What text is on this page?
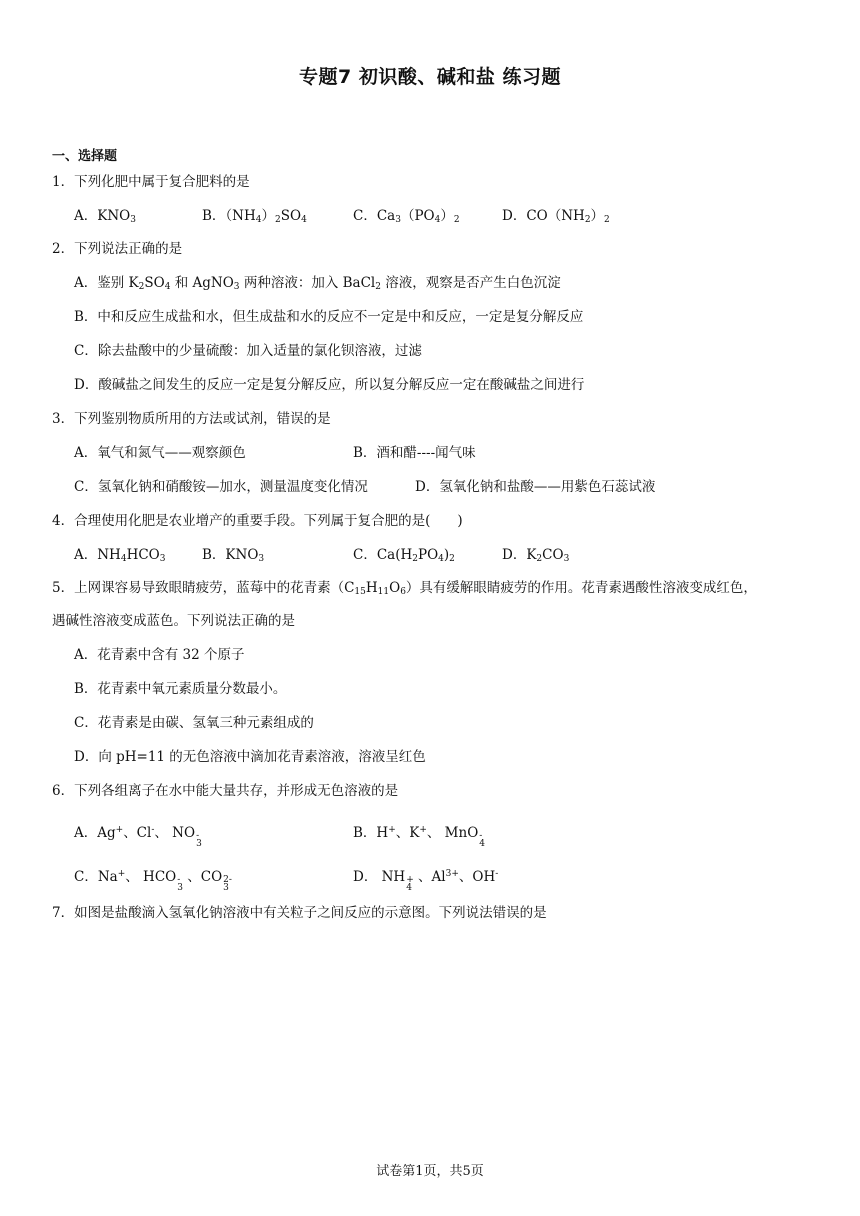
专题7 初识酸、碱和盐 练习题
一、选择题
1．下列化肥中属于复合肥料的是
A．$KNO_3$	B．$(NH_4)_2SO_4$	C．$Ca_3(PO_4)_2$	D．$CO(NH_2)_2$
2．下列说法正确的是
A．鉴别 $K_2SO_4$ 和 AgNO$_3$ 两种溶液：加入 BaCl$_2$ 溶液，观察是否产生白色沉淀
B．中和反应生成盐和水，但生成盐和水的反应不一定是中和反应，一定是复分解反应
C．除去盐酸中的少量硫酸：加入适量的氯化钡溶液，过滤
D．酸碱盐之间发生的反应一定是复分解反应，所以复分解反应一定在酸碱盐之间进行
3．下列鉴别物质所用的方法或试剂，错误的是
A．氧气和氮气——观察颜色	B．酒和醋----闻气味
C．氢氧化钠和硝酸铵—加水，测量温度变化情况	D．氢氧化钠和盐酸——用紫色石蕊试液
4．合理使用化肥是农业增产的重要手段。下列属于复合肥的是(　　)
A．$NH_4HCO_3$	B．$KNO_3$	C．$Ca(H_2PO_4)_2$	D．$K_2CO_3$
5．上网课容易导致眼睛疲劳，蓝莓中的花青素$(C_{15}H_{11}O_6)$具有缓解眼睛疲劳的作用。花青素遇酸性溶液变成红色，
遇碱性溶液变成蓝色。下列说法正确的是
A．花青素中含有 32 个原子
B．花青素中氧元素质量分数最小。
C．花青素是由碳、氢氧三种元素组成的
D．向 pH=11 的无色溶液中滴加花青素溶液，溶液呈红色
6．下列各组离子在水中能大量共存，并形成无色溶液的是
A．Ag+、Cl-、 NO -
3
B．H+、K+、 MnO -
4
C．Na+、 HCO -
3
、CO 2-
3
D． NH +
4
、$Al^{3+}$、OH-
7．如图是盐酸滴入氢氧化钠溶液中有关粒子之间反应的示意图。下列说法错误的是
试卷第1页，共5页
